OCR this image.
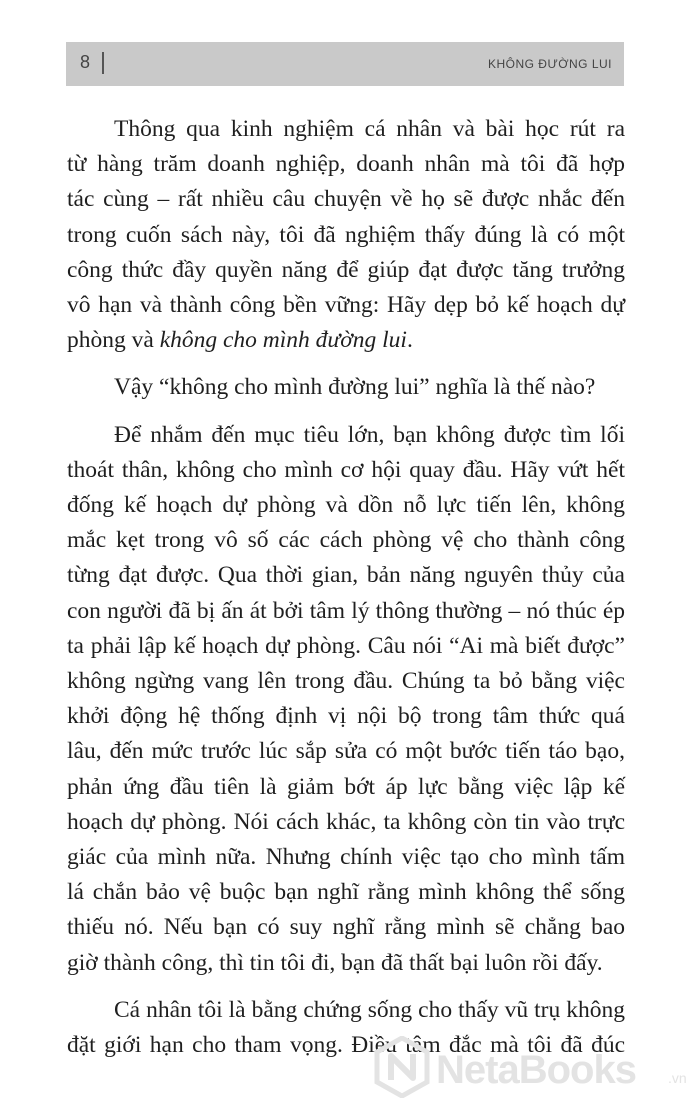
8	KHÔNG ĐƯỜNG LUI

Thông qua kinh nghiệm cá nhân và bài học rút ra
từ hàng trăm doanh nghiệp, doanh nhân mà tôi đã hợp
tác cùng – rất nhiều câu chuyện về họ sẽ được nhắc đến
trong cuốn sách này, tôi đã nghiệm thấy đúng là có một
công thức đầy quyền năng để giúp đạt được tăng trưởng
vô hạn và thành công bền vững: Hãy dẹp bỏ kế hoạch dự
phòng và không cho mình đường lui.

Vậy “không cho mình đường lui” nghĩa là thế nào?

Để nhắm đến mục tiêu lớn, bạn không được tìm lối
thoát thân, không cho mình cơ hội quay đầu. Hãy vứt hết
đống kế hoạch dự phòng và dồn nỗ lực tiến lên, không
mắc kẹt trong vô số các cách phòng vệ cho thành công
từng đạt được. Qua thời gian, bản năng nguyên thủy của
con người đã bị ấn át bởi tâm lý thông thường – nó thúc ép
ta phải lập kế hoạch dự phòng. Câu nói “Ai mà biết được”
không ngừng vang lên trong đầu. Chúng ta bỏ bằng việc
khởi động hệ thống định vị nội bộ trong tâm thức quá
lâu, đến mức trước lúc sắp sửa có một bước tiến táo bạo,
phản ứng đầu tiên là giảm bớt áp lực bằng việc lập kế
hoạch dự phòng. Nói cách khác, ta không còn tin vào trực
giác của mình nữa. Nhưng chính việc tạo cho mình tấm
lá chắn bảo vệ buộc bạn nghĩ rằng mình không thể sống
thiếu nó. Nếu bạn có suy nghĩ rằng mình sẽ chẳng bao
giờ thành công, thì tin tôi đi, bạn đã thất bại luôn rồi đấy.

Cá nhân tôi là bằng chứng sống cho thấy vũ trụ không
đặt giới hạn cho tham vọng. Điều tâm đắc mà tôi đã đúc

NetaBooks .vn
